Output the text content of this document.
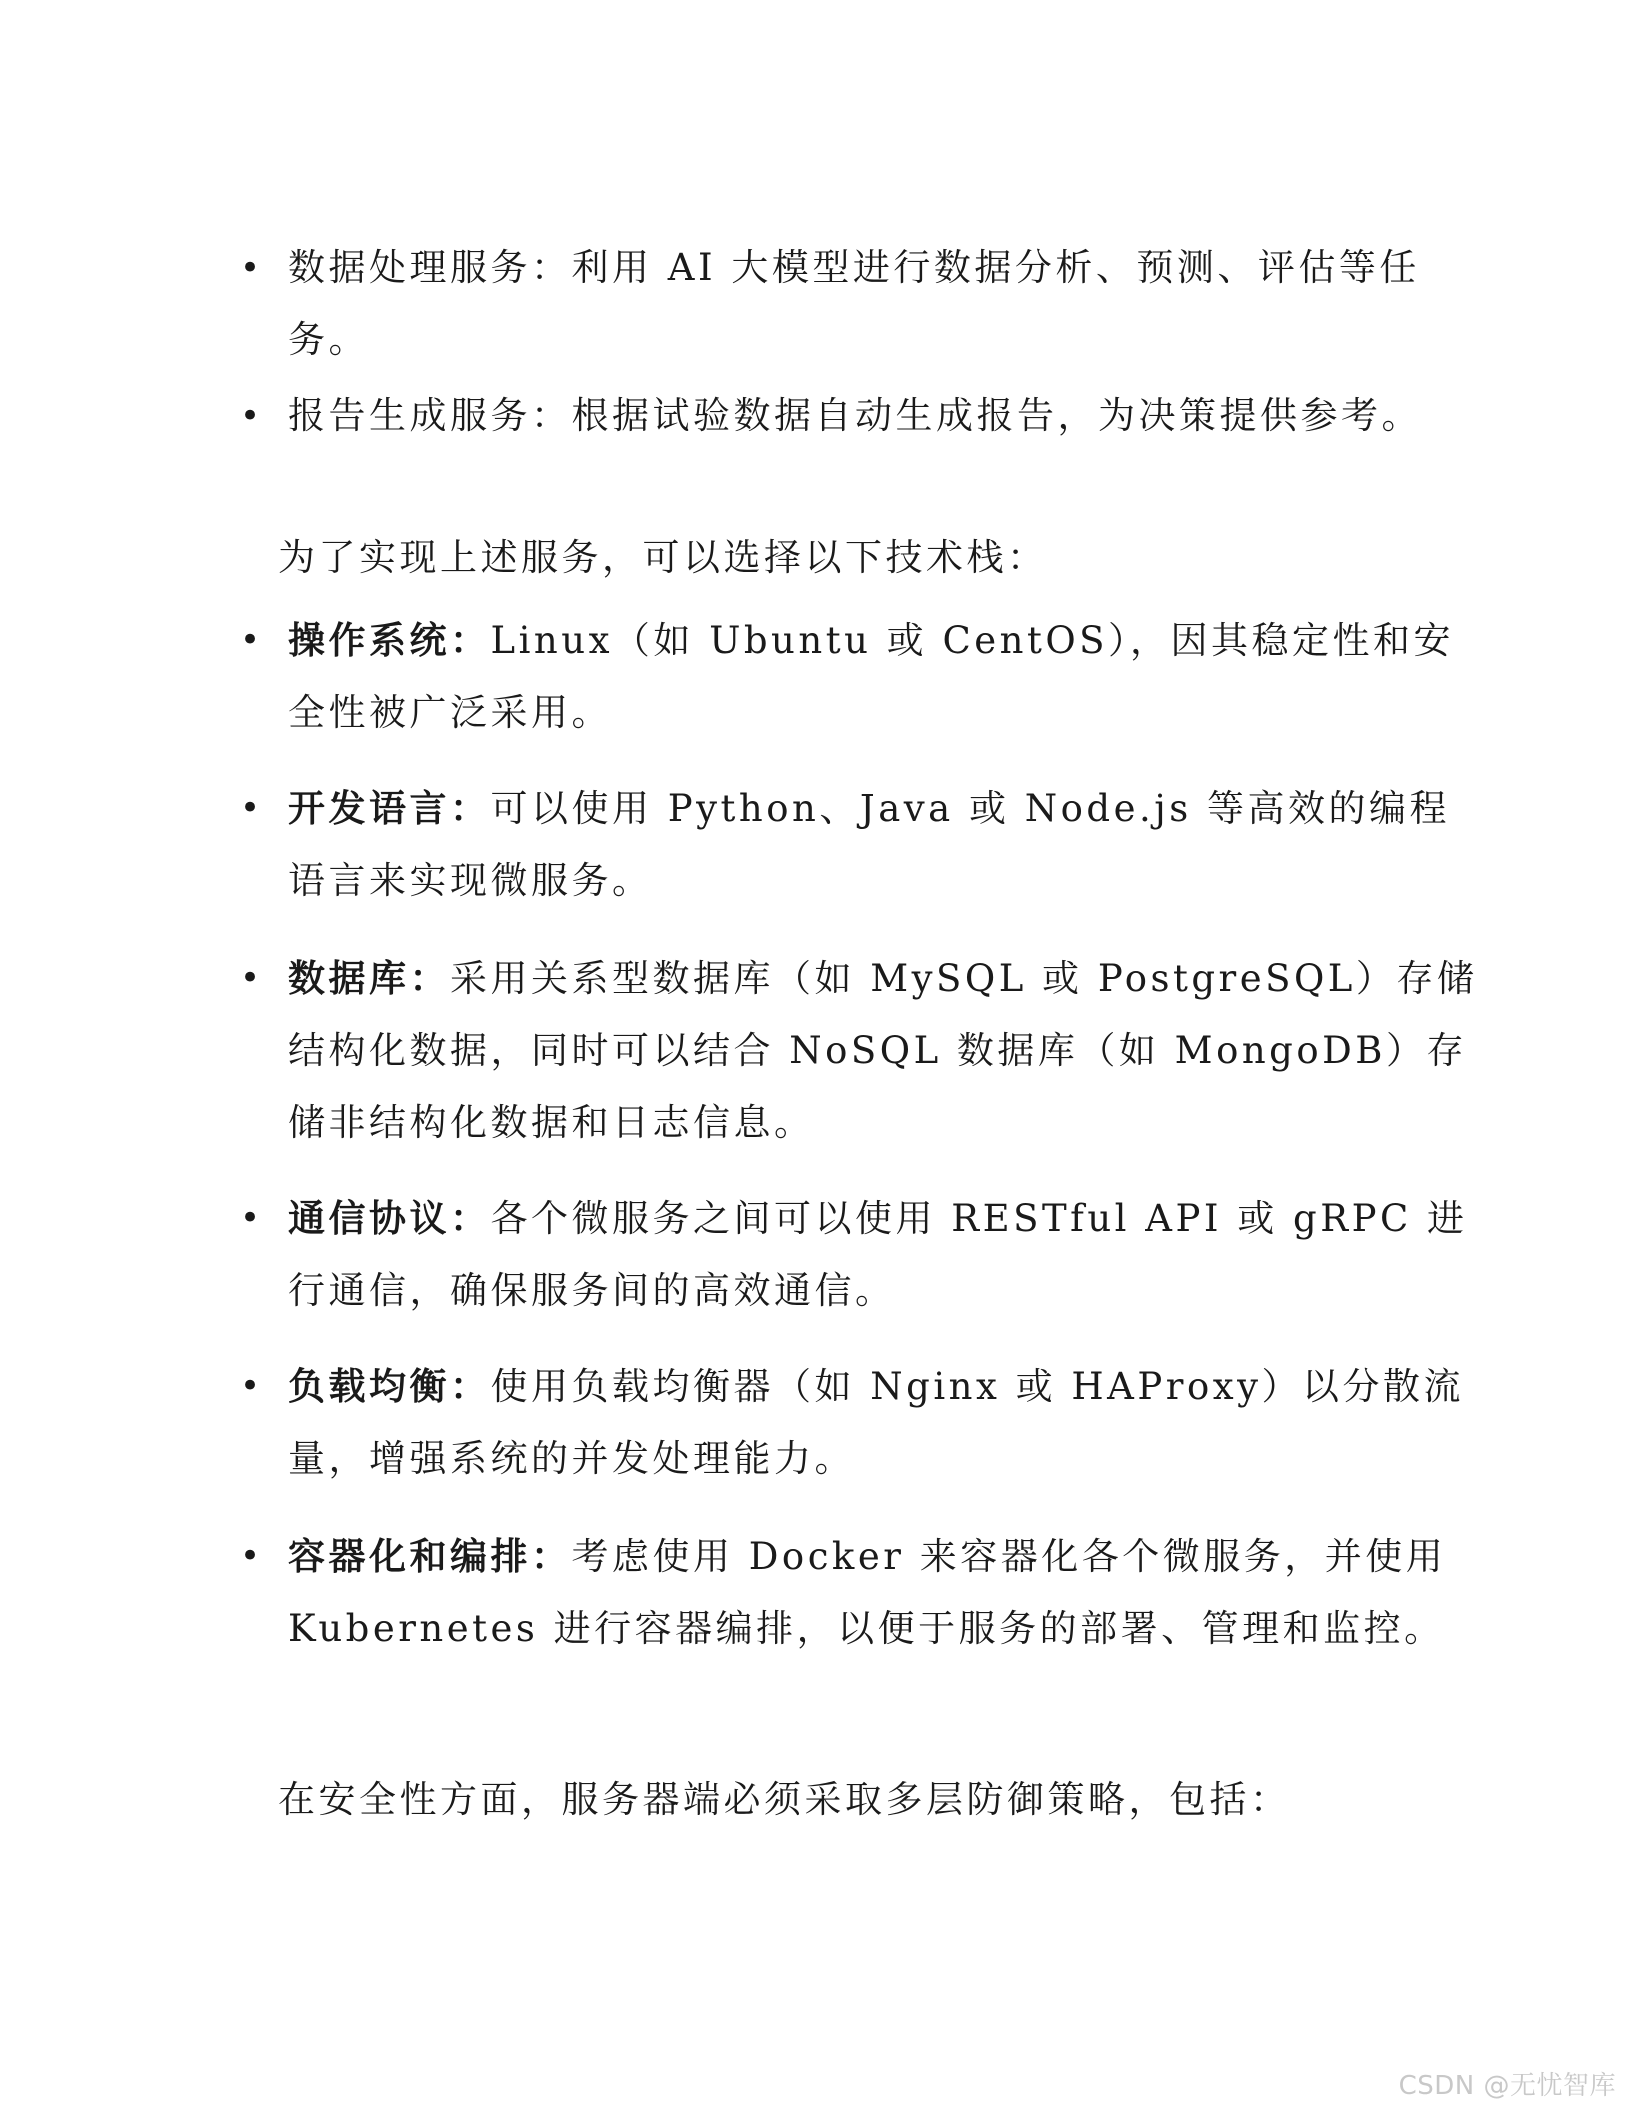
• 数据处理服务：利用 AI 大模型进行数据分析、预测、评估等任务。
• 报告生成服务：根据试验数据自动生成报告，为决策提供参考。
为了实现上述服务，可以选择以下技术栈：
• 操作系统：Linux（如 Ubuntu 或 CentOS），因其稳定性和安全性被广泛采用。
• 开发语言：可以使用 Python、Java 或 Node.js 等高效的编程语言来实现微服务。
• 数据库：采用关系型数据库（如 MySQL 或 PostgreSQL）存储结构化数据，同时可以结合 NoSQL 数据库（如 MongoDB）存储非结构化数据和日志信息。
• 通信协议：各个微服务之间可以使用 RESTful API 或 gRPC 进行通信，确保服务间的高效通信。
• 负载均衡：使用负载均衡器（如 Nginx 或 HAProxy）以分散流量，增强系统的并发处理能力。
• 容器化和编排：考虑使用 Docker 来容器化各个微服务，并使用 Kubernetes 进行容器编排，以便于服务的部署、管理和监控。
在安全性方面，服务器端必须采取多层防御策略，包括：
CSDN @无忧智库
